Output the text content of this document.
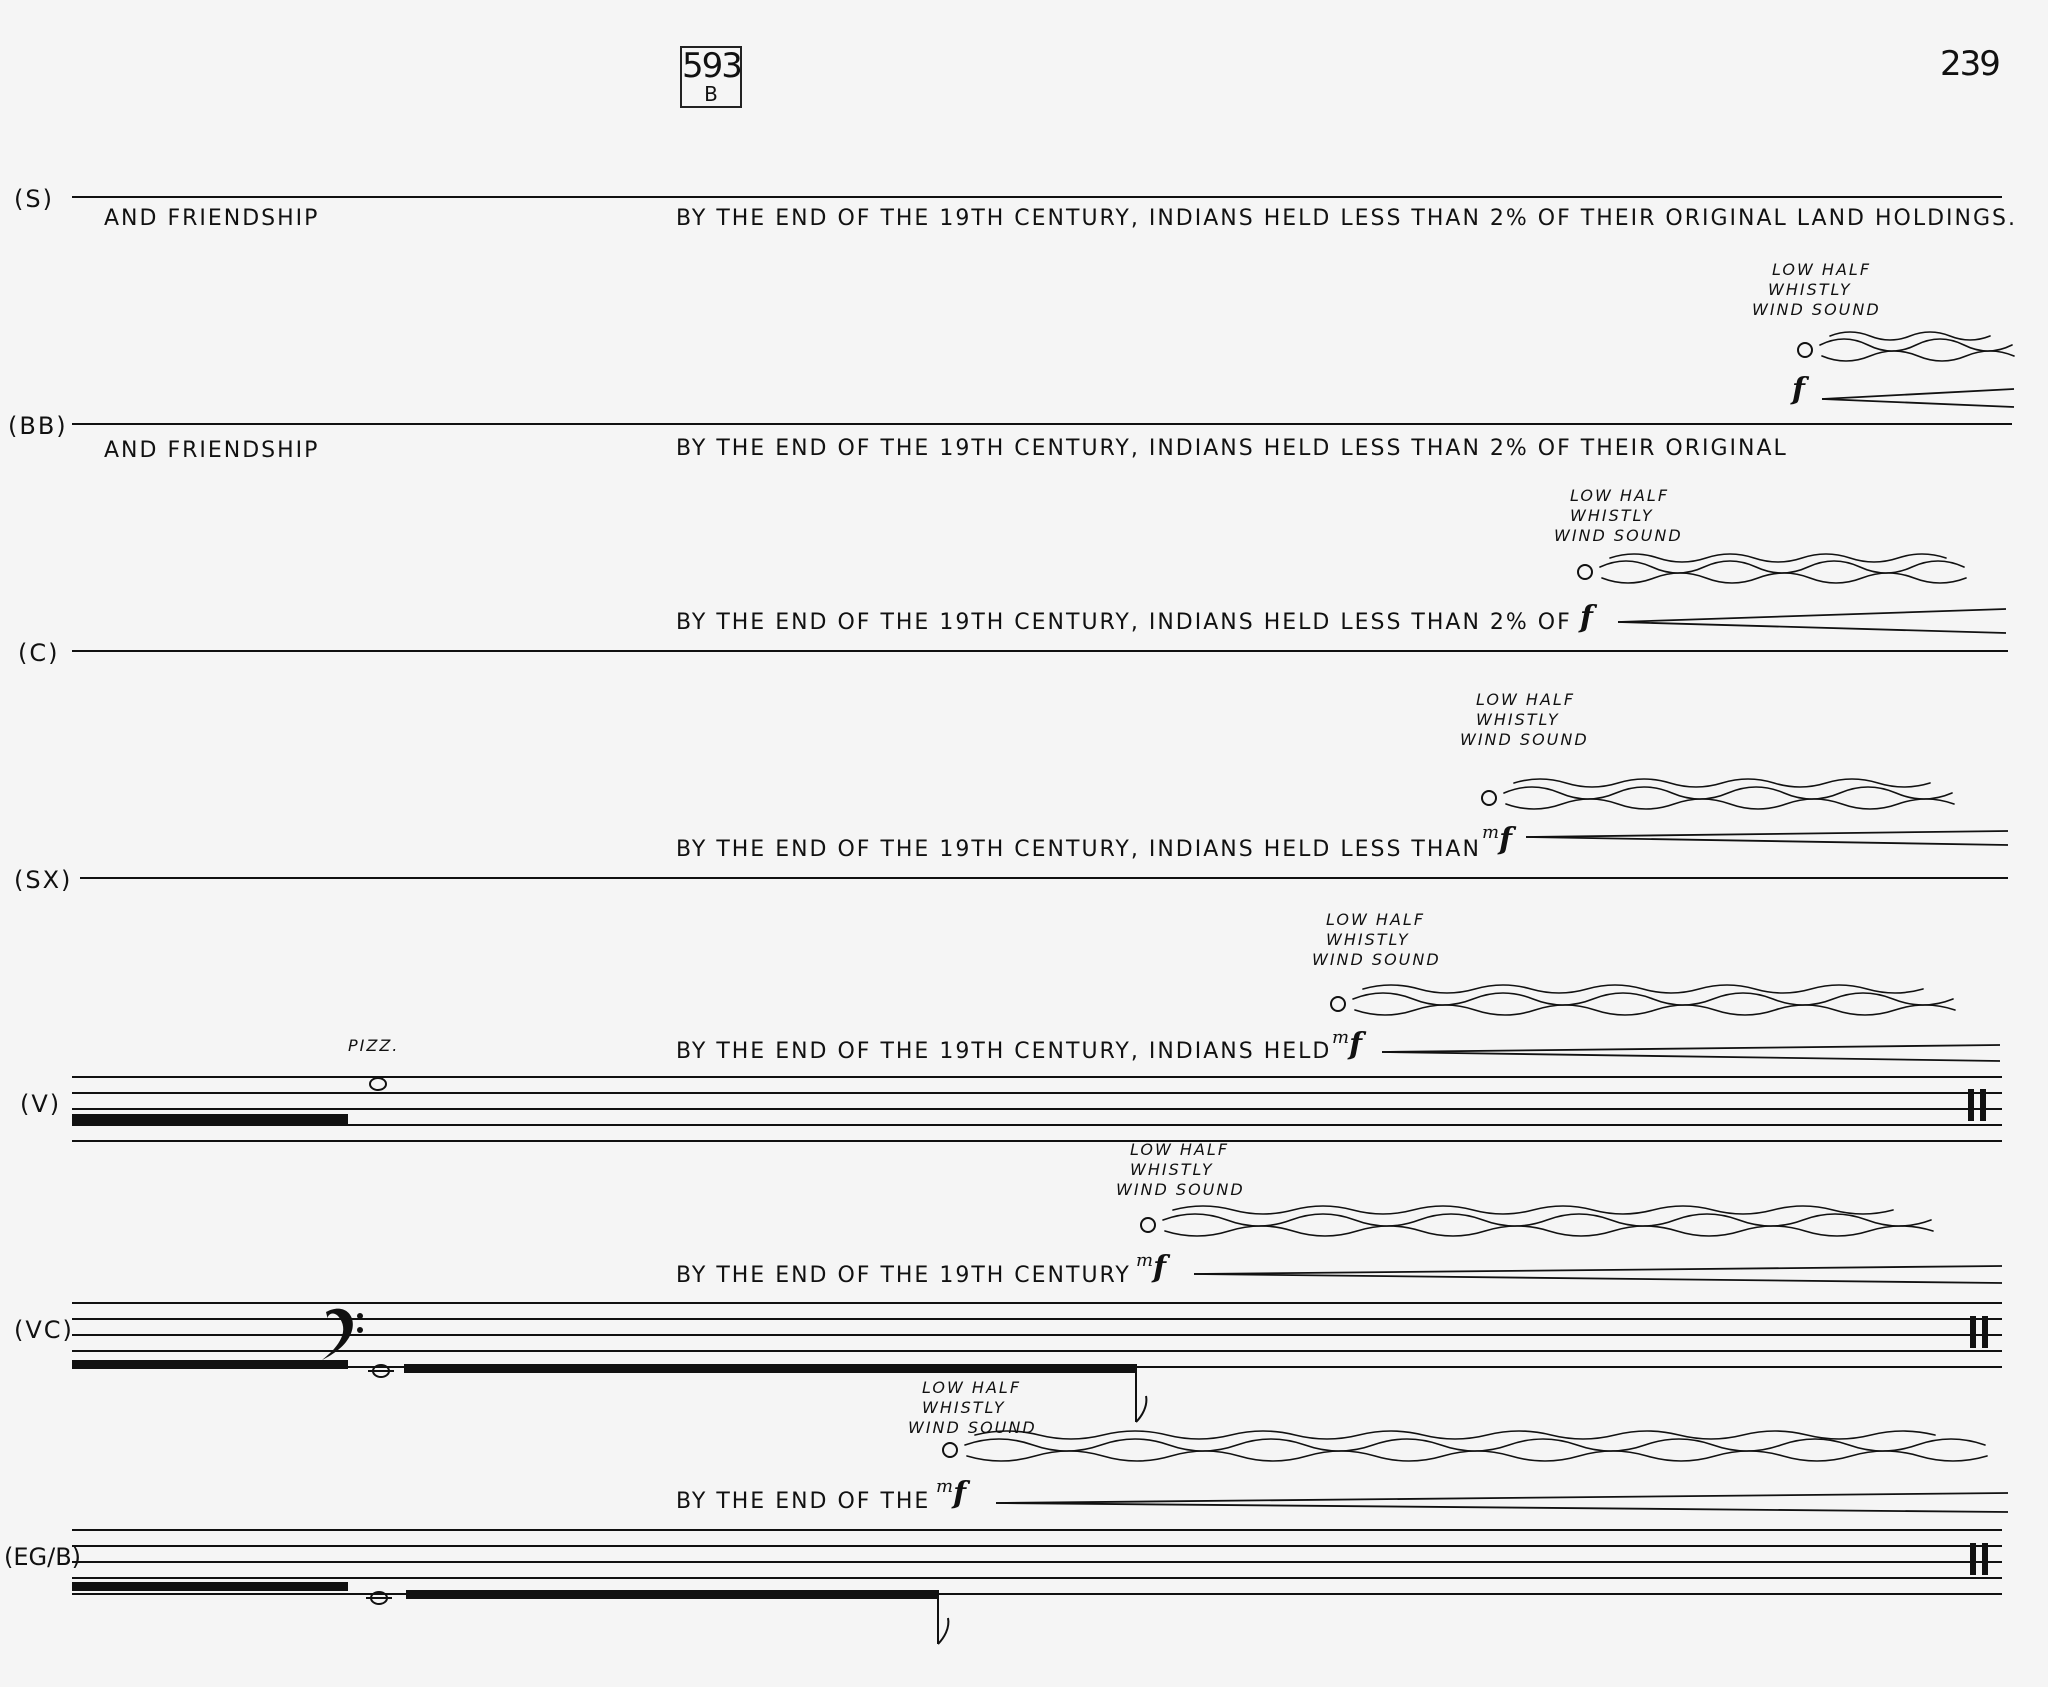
593
B
239
(S)
(BB)
(C)
(SX)
(V)
(VC)
(EG/B)
AND FRIENDSHIP	BY THE END OF THE 19TH CENTURY, INDIANS HELD LESS THAN 2% OF THEIR ORIGINAL LAND HOLDINGS.
AND FRIENDSHIP	BY THE END OF THE 19TH CENTURY, INDIANS HELD LESS THAN 2% OF THEIR ORIGINAL
BY THE END OF THE 19TH CENTURY, INDIANS HELD LESS THAN 2% OF
BY THE END OF THE 19TH CENTURY, INDIANS HELD LESS THAN
PIZZ.	BY THE END OF THE 19TH CENTURY, INDIANS HELD
BY THE END OF THE 19TH CENTURY
BY THE END OF THE
LOW HALF
WHISTLY
WIND SOUND
LOW HALF
WHISTLY
WIND SOUND
LOW HALF
WHISTLY
WIND SOUND
LOW HALF
WHISTLY
WIND SOUND
LOW HALF
WHISTLY
WIND SOUND
LOW HALF
WHISTLY
WIND SOUND
f
f
$^m$f
$^m$f
$^m$f
$^m$f
